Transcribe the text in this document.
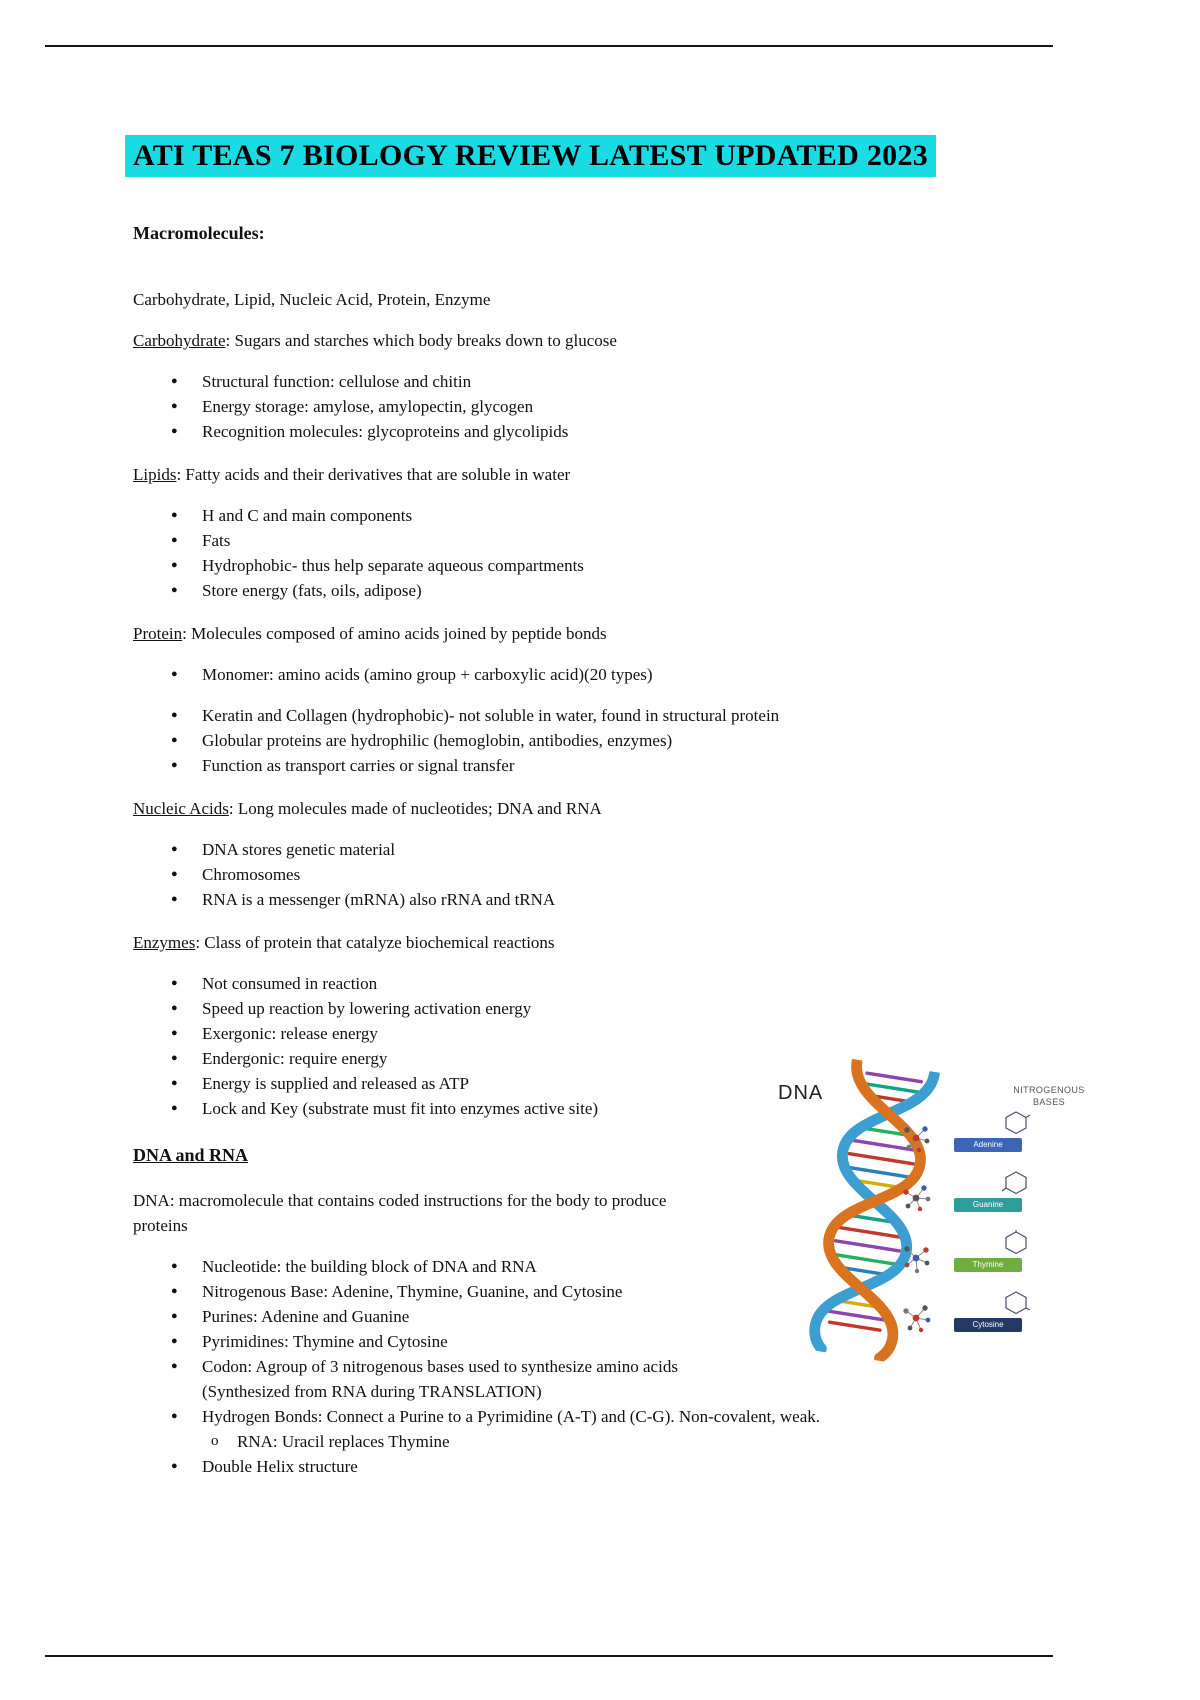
ATI TEAS 7 BIOLOGY REVIEW LATEST UPDATED 2023

Macromolecules:

Carbohydrate, Lipid, Nucleic Acid, Protein, Enzyme

Carbohydrate: Sugars and starches which body breaks down to glucose

●	Structural function: cellulose and chitin
●	Energy storage: amylose, amylopectin, glycogen
●	Recognition molecules: glycoproteins and glycolipids

Lipids: Fatty acids and their derivatives that are soluble in water

●	H and C and main components
●	Fats
●	Hydrophobic- thus help separate aqueous compartments
●	Store energy (fats, oils, adipose)

Protein: Molecules composed of amino acids joined by peptide bonds

●	Monomer: amino acids (amino group + carboxylic acid)(20 types)
●	Keratin and Collagen (hydrophobic)- not soluble in water, found in structural protein
●	Globular proteins are hydrophilic (hemoglobin, antibodies, enzymes)
●	Function as transport carries or signal transfer

Nucleic Acids: Long molecules made of nucleotides; DNA and RNA

●	DNA stores genetic material
●	Chromosomes
●	RNA is a messenger (mRNA) also rRNA and tRNA

Enzymes: Class of protein that catalyze biochemical reactions

●	Not consumed in reaction
●	Speed up reaction by lowering activation energy
●	Exergonic: release energy
●	Endergonic: require energy
●	Energy is supplied and released as ATP
●	Lock and Key (substrate must fit into enzymes active site)

DNA and RNA

DNA: macromolecule that contains coded instructions for the body to produce proteins

●	Nucleotide: the building block of DNA and RNA
●	Nitrogenous Base: Adenine, Thymine, Guanine, and Cytosine
●	Purines: Adenine and Guanine
●	Pyrimidines: Thymine and Cytosine
●	Codon: Agroup of 3 nitrogenous bases used to synthesize amino acids (Synthesized from RNA during TRANSLATION)
●	Hydrogen Bonds: Connect a Purine to a Pyrimidine (A-T) and (C-G). Non-covalent, weak.
o	RNA: Uracil replaces Thymine
●	Double Helix structure
DNA	NITROGENOUS BASES
Adenine
Guanine
Thymine
Cytosine
